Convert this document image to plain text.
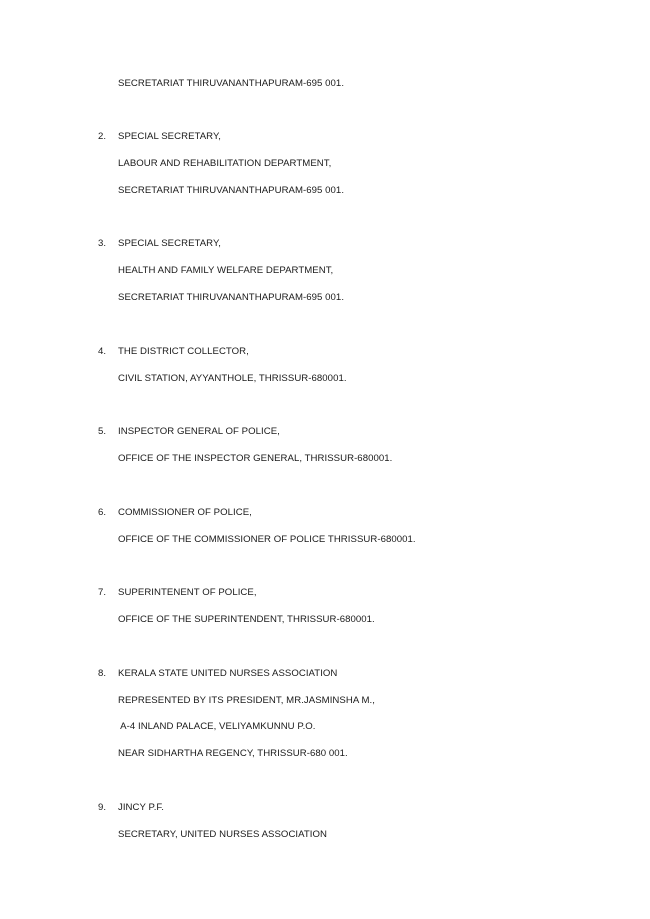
SECRETARIAT THIRUVANANTHAPURAM-695 001.
2. SPECIAL SECRETARY,
LABOUR AND REHABILITATION DEPARTMENT,
SECRETARIAT THIRUVANANTHAPURAM-695 001.
3. SPECIAL SECRETARY,
HEALTH AND FAMILY WELFARE DEPARTMENT,
SECRETARIAT THIRUVANANTHAPURAM-695 001.
4. THE DISTRICT COLLECTOR,
CIVIL STATION, AYYANTHOLE, THRISSUR-680001.
5. INSPECTOR GENERAL OF POLICE,
OFFICE OF THE INSPECTOR GENERAL, THRISSUR-680001.
6. COMMISSIONER OF POLICE,
OFFICE OF THE COMMISSIONER OF POLICE THRISSUR-680001.
7. SUPERINTENENT OF POLICE,
OFFICE OF THE SUPERINTENDENT, THRISSUR-680001.
8. KERALA STATE UNITED NURSES ASSOCIATION
REPRESENTED BY ITS PRESIDENT, MR.JASMINSHA M.,
A-4 INLAND PALACE, VELIYAMKUNNU P.O.
NEAR SIDHARTHA REGENCY, THRISSUR-680 001.
9. JINCY P.F.
SECRETARY, UNITED NURSES ASSOCIATION
